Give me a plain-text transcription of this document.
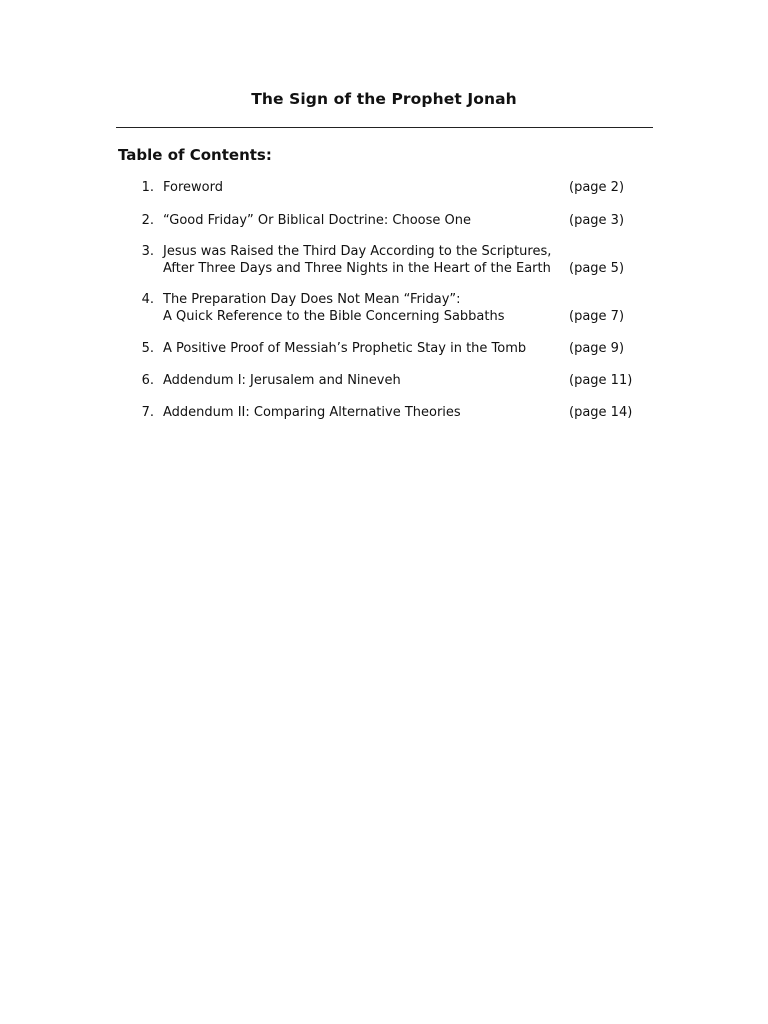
The Sign of the Prophet Jonah
Table of Contents:
1. Foreword	(page 2)
2. “Good Friday” Or Biblical Doctrine: Choose One	(page 3)
3. Jesus was Raised the Third Day According to the Scriptures,
After Three Days and Three Nights in the Heart of the Earth	(page 5)
4. The Preparation Day Does Not Mean “Friday”:
A Quick Reference to the Bible Concerning Sabbaths	(page 7)
5. A Positive Proof of Messiah’s Prophetic Stay in the Tomb	(page 9)
6. Addendum I: Jerusalem and Nineveh	(page 11)
7. Addendum II: Comparing Alternative Theories	(page 14)
